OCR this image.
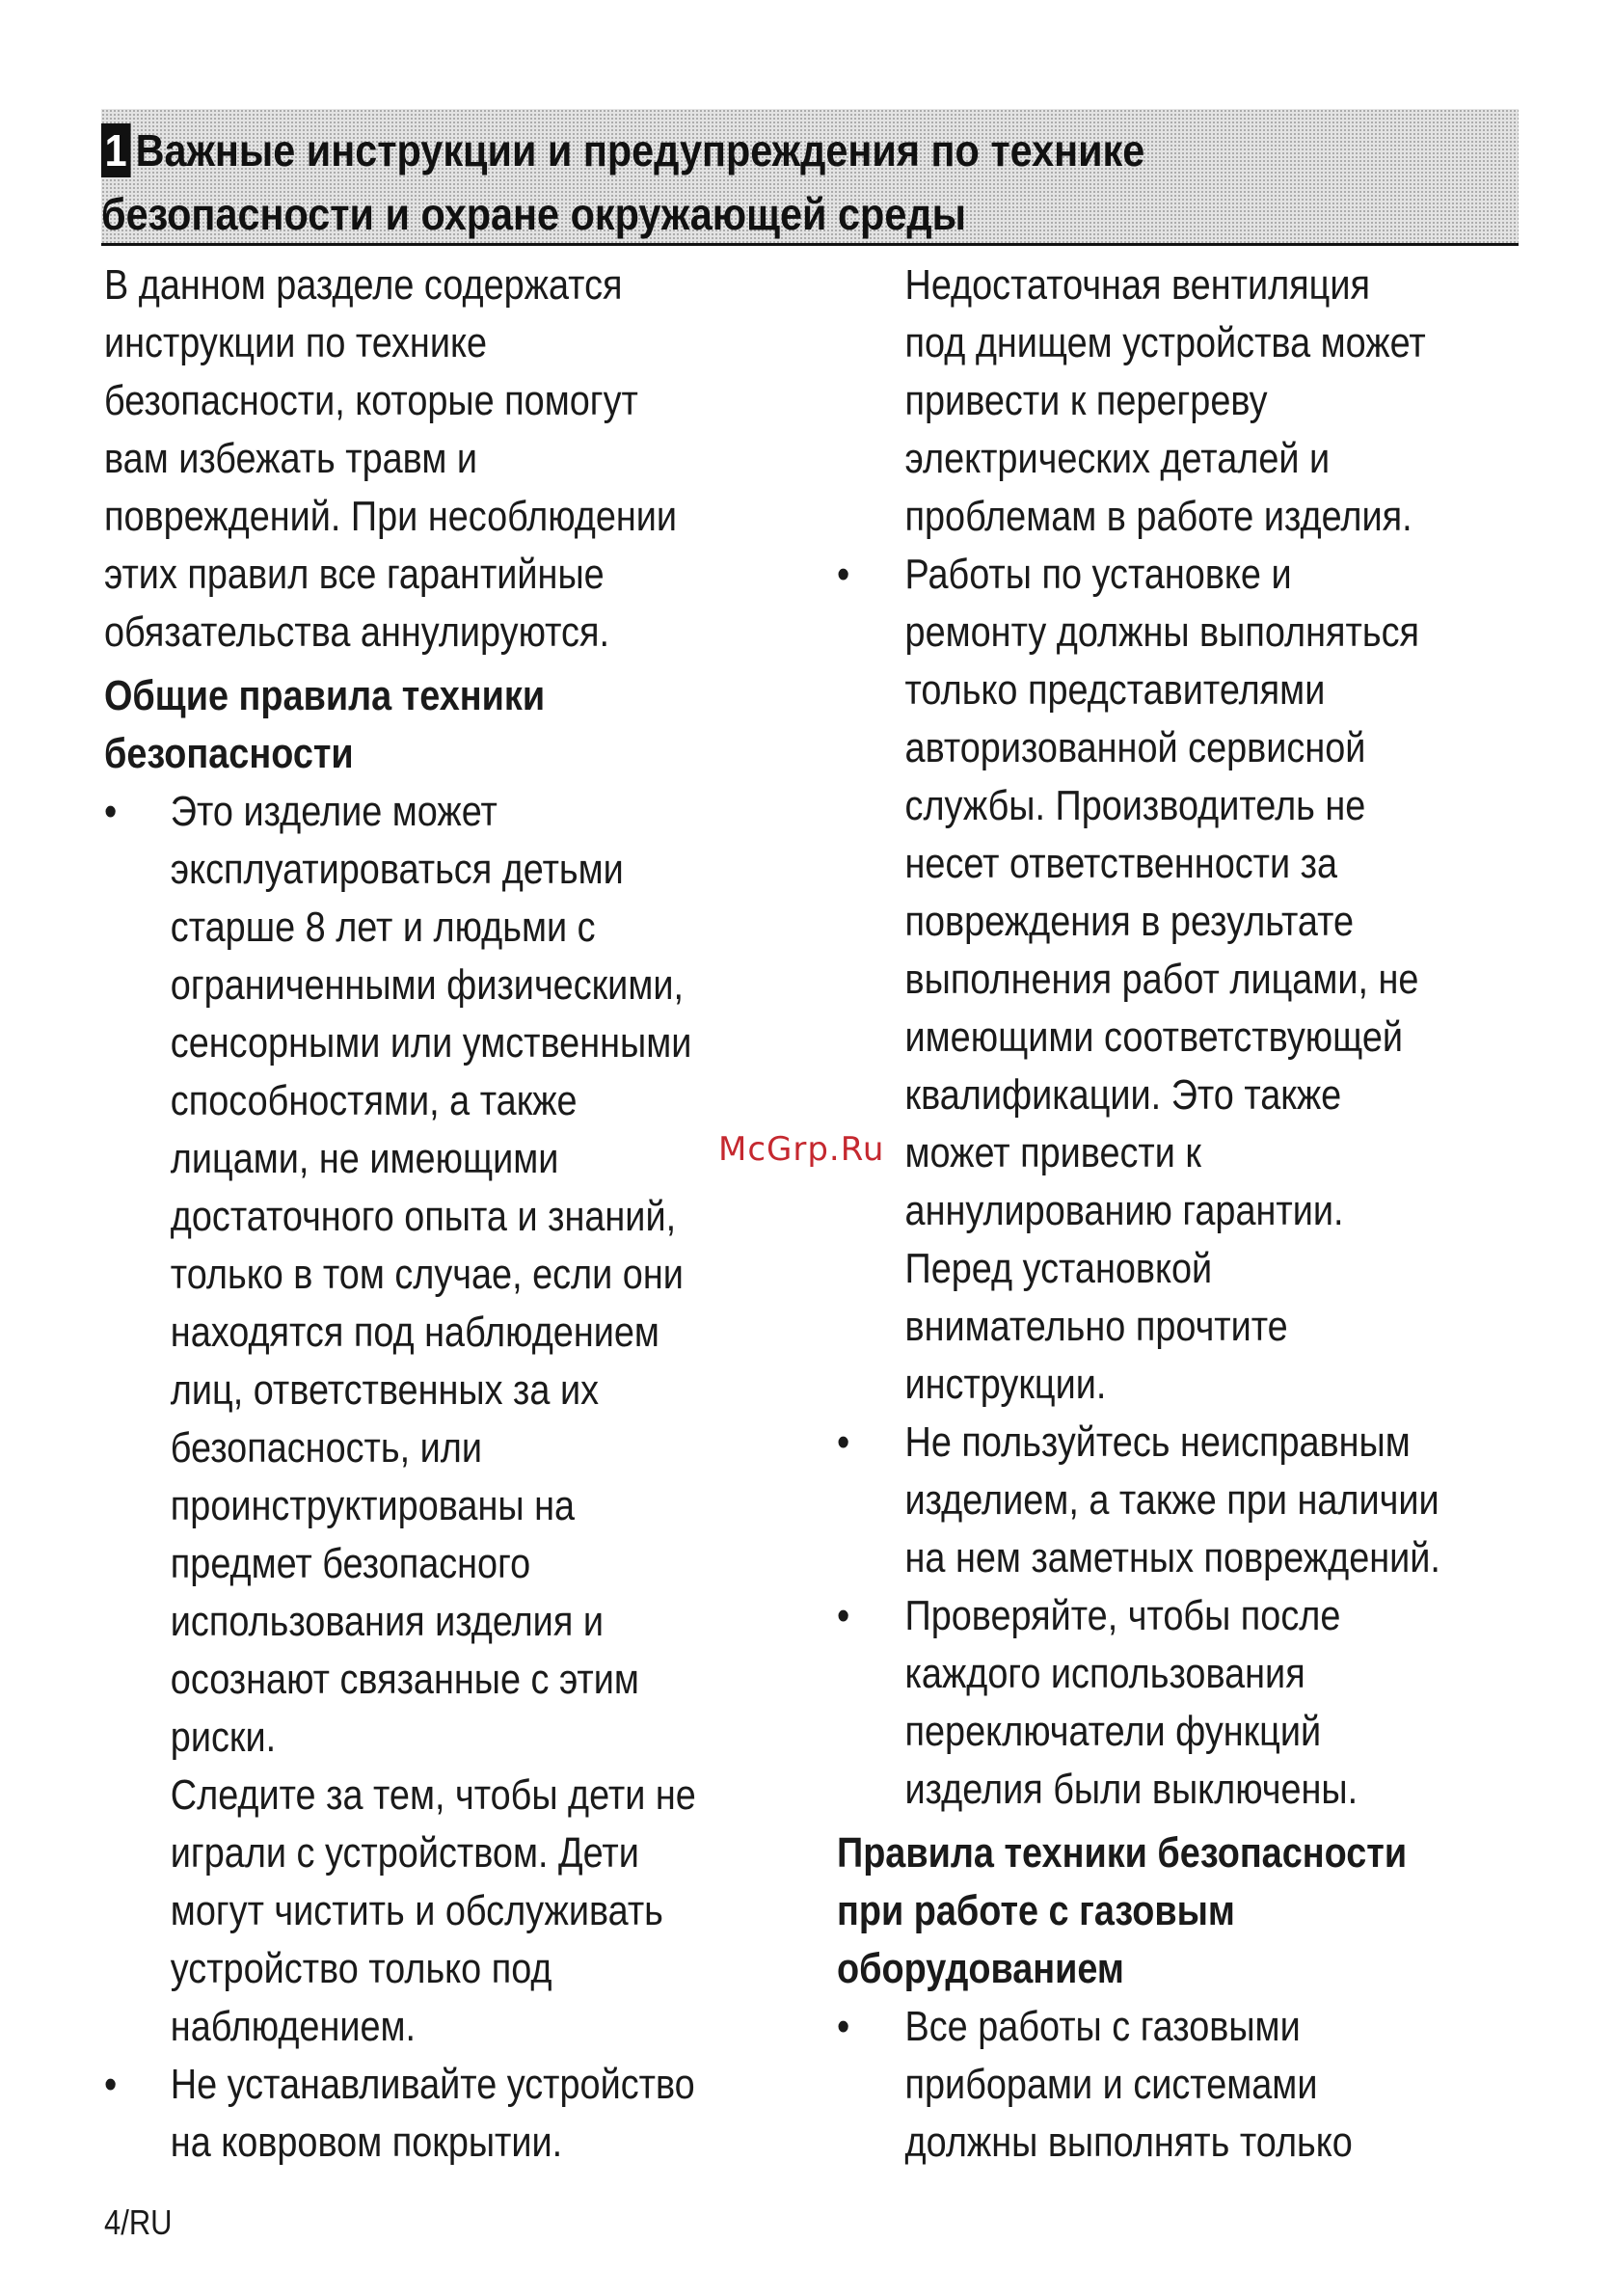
1 Важные инструкции и предупреждения по технике
безопасности и охране окружающей среды
В данном разделе содержатся
инструкции по технике
безопасности, которые помогут
вам избежать травм и
повреждений. При несоблюдении
этих правил все гарантийные
обязательства аннулируются.
Общие правила техники
безопасности
• Это изделие может
эксплуатироваться детьми
старше 8 лет и людьми с
ограниченными физическими,
сенсорными или умственными
способностями, а также
лицами, не имеющими
достаточного опыта и знаний,
только в том случае, если они
находятся под наблюдением
лиц, ответственных за их
безопасность, или
проинструктированы на
предмет безопасного
использования изделия и
осознают связанные с этим
риски.
Следите за тем, чтобы дети не
играли с устройством. Дети
могут чистить и обслуживать
устройство только под
наблюдением.
• Не устанавливайте устройство
на ковровом покрытии.
Недостаточная вентиляция
под днищем устройства может
привести к перегреву
электрических деталей и
проблемам в работе изделия.
• Работы по установке и
ремонту должны выполняться
только представителями
авторизованной сервисной
службы. Производитель не
несет ответственности за
повреждения в результате
выполнения работ лицами, не
имеющими соответствующей
квалификации. Это также
может привести к
аннулированию гарантии.
Перед установкой
внимательно прочтите
инструкции.
• Не пользуйтесь неисправным
изделием, а также при наличии
на нем заметных повреждений.
• Проверяйте, чтобы после
каждого использования
переключатели функций
изделия были выключены.
Правила техники безопасности
при работе с газовым
оборудованием
• Все работы с газовыми
приборами и системами
должны выполнять только
McGrp.Ru
4/RU
